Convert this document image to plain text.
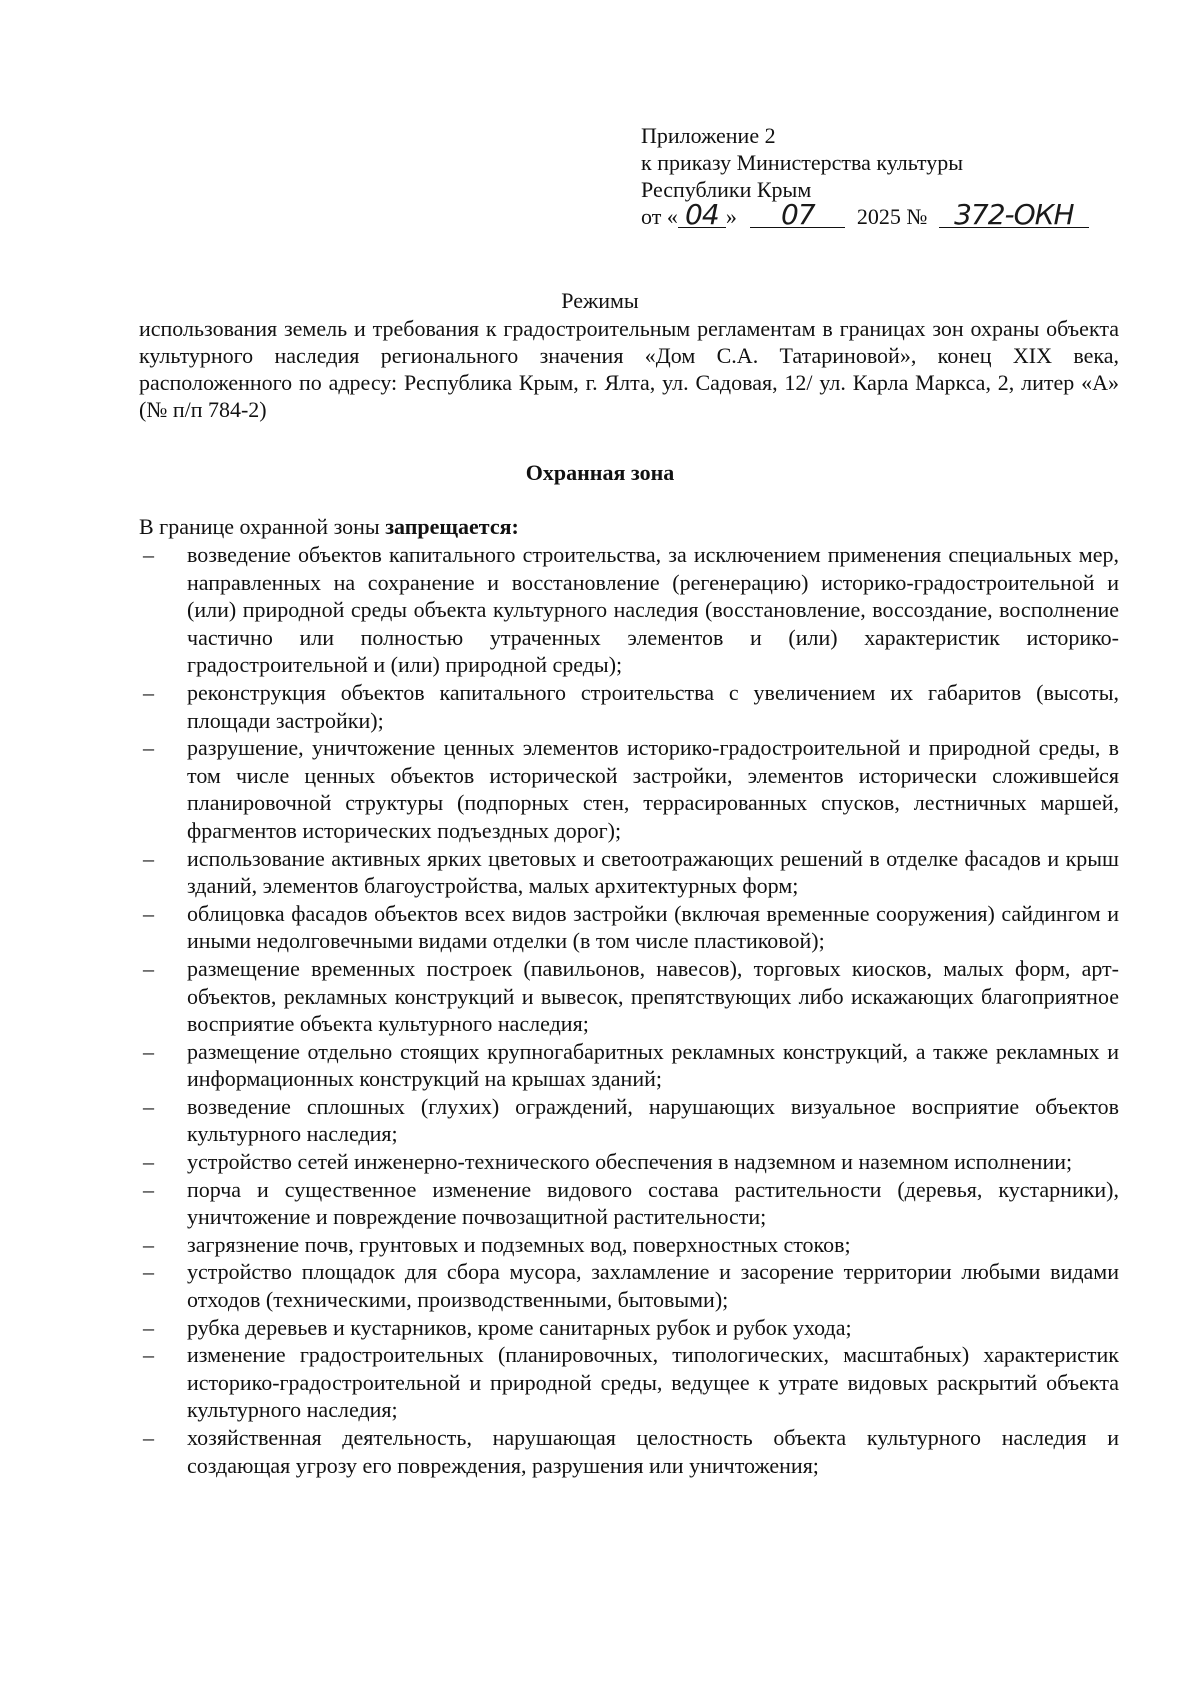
Приложение 2
к приказу Министерства культуры
Республики Крым
от « 04 » 07 2025 № 372-ОКН
Режимы
использования земель и требования к градостроительным регламентам в границах зон охраны объекта культурного наследия регионального значения «Дом С.А. Татариновой», конец XIX века, расположенного по адресу: Республика Крым, г. Ялта, ул. Садовая, 12/ ул. Карла Маркса, 2, литер «А» (№ п/п 784-2)
Охранная зона
В границе охранной зоны запрещается:
– возведение объектов капитального строительства, за исключением применения специальных мер, направленных на сохранение и восстановление (регенерацию) историко-градостроительной и (или) природной среды объекта культурного наследия (восстановление, воссоздание, восполнение частично или полностью утраченных элементов и (или) характеристик историко-градостроительной и (или) природной среды);
– реконструкция объектов капитального строительства с увеличением их габаритов (высоты, площади застройки);
– разрушение, уничтожение ценных элементов историко-градостроительной и природной среды, в том числе ценных объектов исторической застройки, элементов исторически сложившейся планировочной структуры (подпорных стен, террасированных спусков, лестничных маршей, фрагментов исторических подъездных дорог);
– использование активных ярких цветовых и светоотражающих решений в отделке фасадов и крыш зданий, элементов благоустройства, малых архитектурных форм;
– облицовка фасадов объектов всех видов застройки (включая временные сооружения) сайдингом и иными недолговечными видами отделки (в том числе пластиковой);
– размещение временных построек (павильонов, навесов), торговых киосков, малых форм, арт-объектов, рекламных конструкций и вывесок, препятствующих либо искажающих благоприятное восприятие объекта культурного наследия;
– размещение отдельно стоящих крупногабаритных рекламных конструкций, а также рекламных и информационных конструкций на крышах зданий;
– возведение сплошных (глухих) ограждений, нарушающих визуальное восприятие объектов культурного наследия;
– устройство сетей инженерно-технического обеспечения в надземном и наземном исполнении;
– порча и существенное изменение видового состава растительности (деревья, кустарники), уничтожение и повреждение почвозащитной растительности;
– загрязнение почв, грунтовых и подземных вод, поверхностных стоков;
– устройство площадок для сбора мусора, захламление и засорение территории любыми видами отходов (техническими, производственными, бытовыми);
– рубка деревьев и кустарников, кроме санитарных рубок и рубок ухода;
– изменение градостроительных (планировочных, типологических, масштабных) характеристик историко-градостроительной и природной среды, ведущее к утрате видовых раскрытий объекта культурного наследия;
– хозяйственная деятельность, нарушающая целостность объекта культурного наследия и создающая угрозу его повреждения, разрушения или уничтожения;
